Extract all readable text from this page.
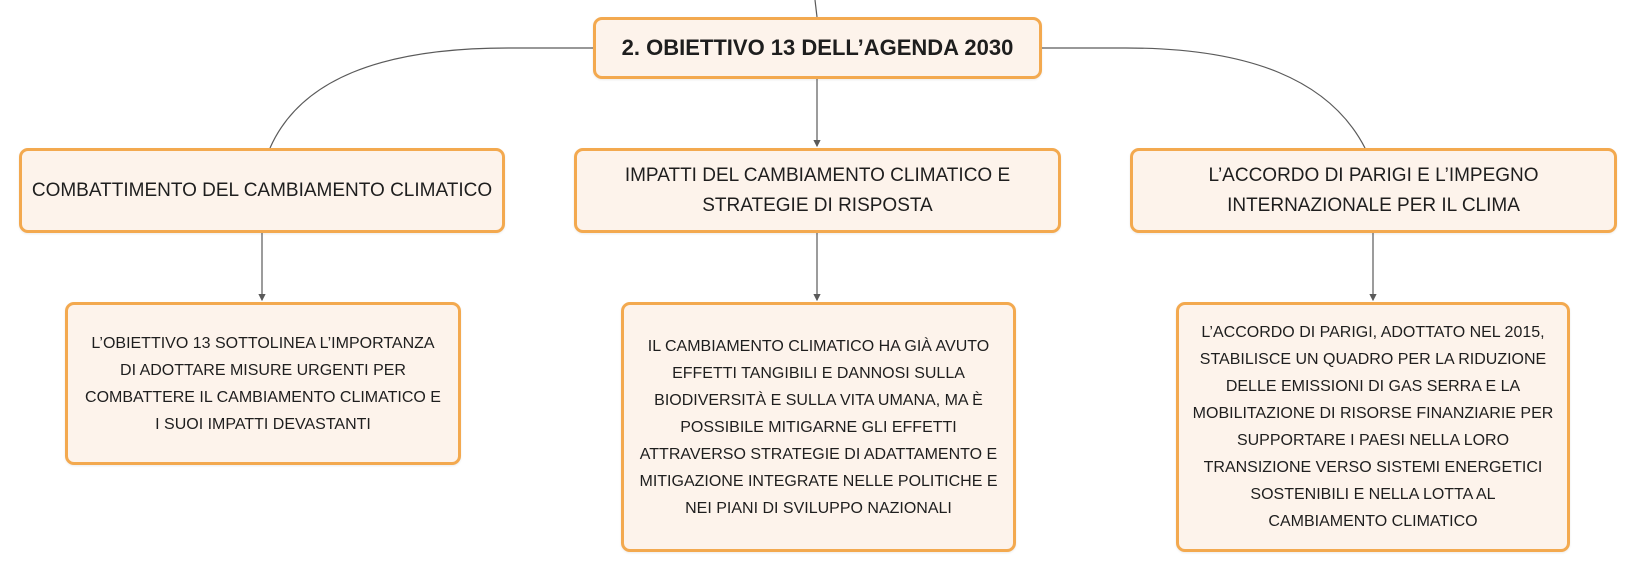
2. OBIETTIVO 13 DELL’AGENDA 2030
COMBATTIMENTO DEL CAMBIAMENTO CLIMATICO
IMPATTI DEL CAMBIAMENTO CLIMATICO E
STRATEGIE DI RISPOSTA
L’ACCORDO DI PARIGI E L’IMPEGNO
INTERNAZIONALE PER IL CLIMA
L’OBIETTIVO 13 SOTTOLINEA L’IMPORTANZA
DI ADOTTARE MISURE URGENTI PER
COMBATTERE IL CAMBIAMENTO CLIMATICO E
I SUOI IMPATTI DEVASTANTI
IL CAMBIAMENTO CLIMATICO HA GIÀ AVUTO
EFFETTI TANGIBILI E DANNOSI SULLA
BIODIVERSITÀ E SULLA VITA UMANA, MA È
POSSIBILE MITIGARNE GLI EFFETTI
ATTRAVERSO STRATEGIE DI ADATTAMENTO E
MITIGAZIONE INTEGRATE NELLE POLITICHE E
NEI PIANI DI SVILUPPO NAZIONALI
L’ACCORDO DI PARIGI, ADOTTATO NEL 2015,
STABILISCE UN QUADRO PER LA RIDUZIONE
DELLE EMISSIONI DI GAS SERRA E LA
MOBILITAZIONE DI RISORSE FINANZIARIE PER
SUPPORTARE I PAESI NELLA LORO
TRANSIZIONE VERSO SISTEMI ENERGETICI
SOSTENIBILI E NELLA LOTTA AL
CAMBIAMENTO CLIMATICO
